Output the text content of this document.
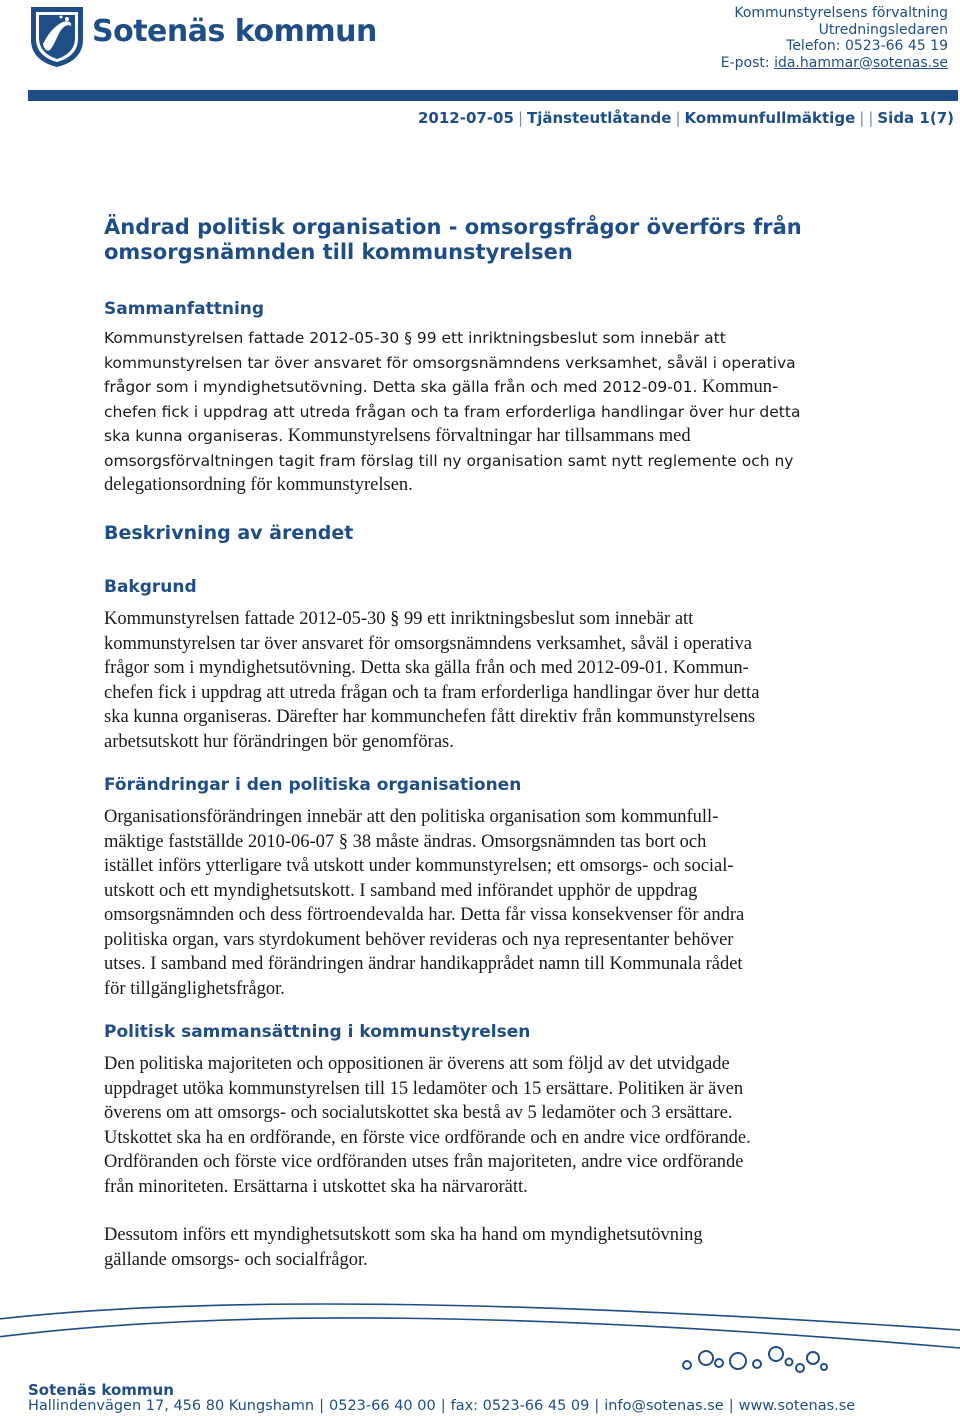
Sotenäs kommun
Kommunstyrelsens förvaltning
Utredningsledaren
Telefon: 0523-66 45 19
E-post: ida.hammar@sotenas.se
2012-07-05 | Tjänsteutlåtande | Kommunfullmäktige | | Sida 1(7)
Ändrad politisk organisation - omsorgsfrågor överförs från
omsorgsnämnden till kommunstyrelsen
Sammanfattning
Kommunstyrelsen fattade 2012-05-30 § 99 ett inriktningsbeslut som innebär att
kommunstyrelsen tar över ansvaret för omsorgsnämndens verksamhet, såväl i operativa
frågor som i myndighetsutövning. Detta ska gälla från och med 2012-09-01. Kommun-
chefen fick i uppdrag att utreda frågan och ta fram erforderliga handlingar över hur detta
ska kunna organiseras. Kommunstyrelsens förvaltningar har tillsammans med
omsorgsförvaltningen tagit fram förslag till ny organisation samt nytt reglemente och ny
delegationsordning för kommunstyrelsen.
Beskrivning av ärendet
Bakgrund
Kommunstyrelsen fattade 2012-05-30 § 99 ett inriktningsbeslut som innebär att
kommunstyrelsen tar över ansvaret för omsorgsnämndens verksamhet, såväl i operativa
frågor som i myndighetsutövning. Detta ska gälla från och med 2012-09-01. Kommun-
chefen fick i uppdrag att utreda frågan och ta fram erforderliga handlingar över hur detta
ska kunna organiseras. Därefter har kommunchefen fått direktiv från kommunstyrelsens
arbetsutskott hur förändringen bör genomföras.
Förändringar i den politiska organisationen
Organisationsförändringen innebär att den politiska organisation som kommunfull-
mäktige fastställde 2010-06-07 § 38 måste ändras. Omsorgsnämnden tas bort och
istället införs ytterligare två utskott under kommunstyrelsen; ett omsorgs- och social-
utskott och ett myndighetsutskott. I samband med införandet upphör de uppdrag
omsorgsnämnden och dess förtroendevalda har. Detta får vissa konsekvenser för andra
politiska organ, vars styrdokument behöver revideras och nya representanter behöver
utses. I samband med förändringen ändrar handikapprådet namn till Kommunala rådet
för tillgänglighetsfrågor.
Politisk sammansättning i kommunstyrelsen
Den politiska majoriteten och oppositionen är överens att som följd av det utvidgade
uppdraget utöka kommunstyrelsen till 15 ledamöter och 15 ersättare. Politiken är även
överens om att omsorgs- och socialutskottet ska bestå av 5 ledamöter och 3 ersättare.
Utskottet ska ha en ordförande, en förste vice ordförande och en andre vice ordförande.
Ordföranden och förste vice ordföranden utses från majoriteten, andre vice ordförande
från minoriteten. Ersättarna i utskottet ska ha närvarorätt.
Dessutom införs ett myndighetsutskott som ska ha hand om myndighetsutövning
gällande omsorgs- och socialfrågor.
Sotenäs kommun
Hallindenvägen 17, 456 80 Kungshamn | 0523-66 40 00 | fax: 0523-66 45 09 | info@sotenas.se | www.sotenas.se
